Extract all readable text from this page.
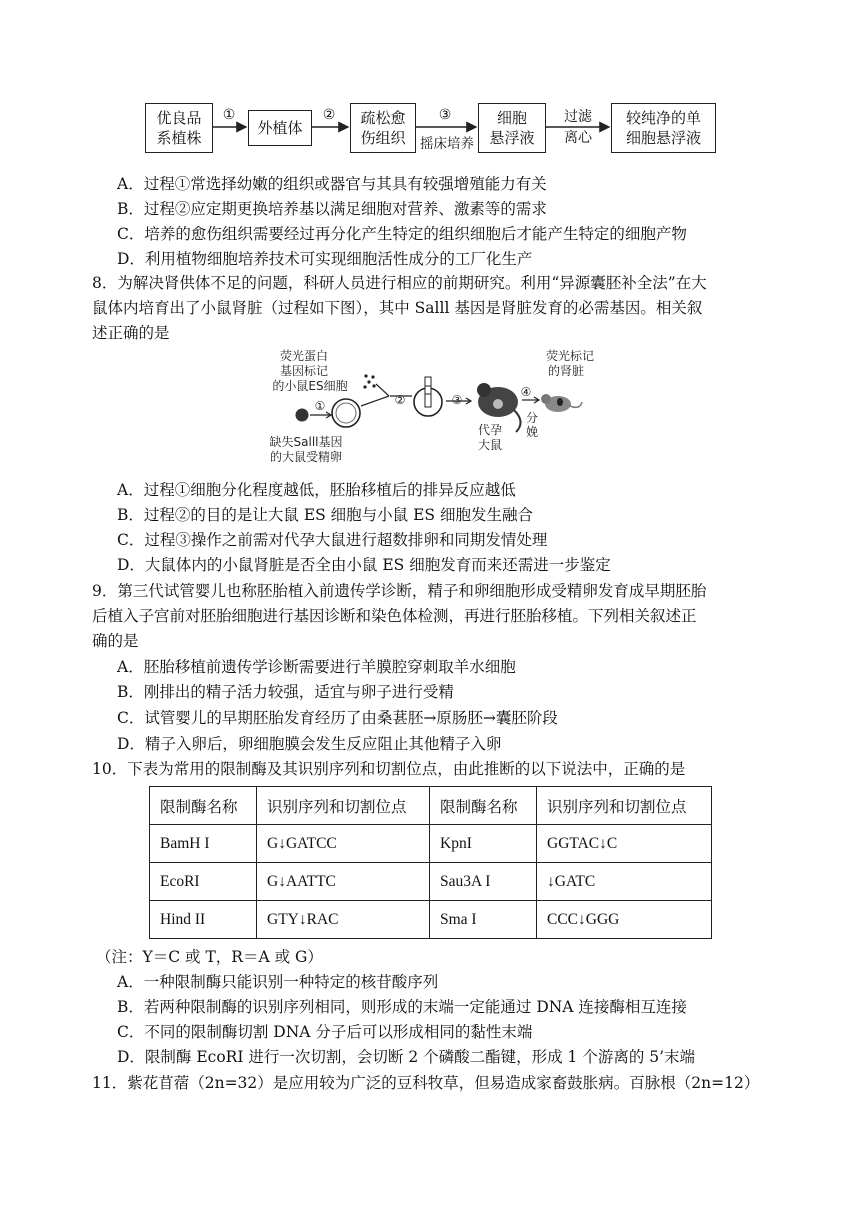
优良品
系植株
外植体
疏松愈
伤组织
细胞
悬浮液
较纯净的单
细胞悬浮液
①	②	③
摇床培养
过滤
离心
A．过程①常选择幼嫩的组织或器官与其具有较强增殖能力有关
B．过程②应定期更换培养基以满足细胞对营养、激素等的需求
C．培养的愈伤组织需要经过再分化产生特定的组织细胞后才能产生特定的细胞产物
D．利用植物细胞培养技术可实现细胞活性成分的工厂化生产
8．为解决肾供体不足的问题，科研人员进行相应的前期研究。利用“异源囊胚补全法”在大
鼠体内培育出了小鼠肾脏（过程如下图），其中 Salll 基因是肾脏发育的必需基因。相关叙
述正确的是
荧光蛋白
基因标记
的小鼠ES细胞
①	②	③
代孕
大鼠
④
分
娩
荧光标记
的肾脏
缺失Salll基因
的大鼠受精卵
A．过程①细胞分化程度越低，胚胎移植后的排异反应越低
B．过程②的目的是让大鼠 ES 细胞与小鼠 ES 细胞发生融合
C．过程③操作之前需对代孕大鼠进行超数排卵和同期发情处理
D．大鼠体内的小鼠肾脏是否全由小鼠 ES 细胞发育而来还需进一步鉴定
9．第三代试管婴儿也称胚胎植入前遗传学诊断，精子和卵细胞形成受精卵发育成早期胚胎
后植入子宫前对胚胎细胞进行基因诊断和染色体检测，再进行胚胎移植。下列相关叙述正
确的是
A．胚胎移植前遗传学诊断需要进行羊膜腔穿刺取羊水细胞
B．刚排出的精子活力较强，适宜与卵子进行受精
C．试管婴儿的早期胚胎发育经历了由桑葚胚→原肠胚→囊胚阶段
D．精子入卵后，卵细胞膜会发生反应阻止其他精子入卵
10．下表为常用的限制酶及其识别序列和切割位点，由此推断的以下说法中，正确的是
限制酶名称	识别序列和切割位点	限制酶名称	识别序列和切割位点
BamH I	G↓GATCC	KpnI	GGTAC↓C
EcoRI	G↓AATTC	Sau3A I	↓GATC
Hind II	GTY↓RAC	Sma I	CCC↓GGG
（注：Y＝C 或 T，R＝A 或 G）
A．一种限制酶只能识别一种特定的核苷酸序列
B．若两种限制酶的识别序列相同，则形成的末端一定能通过 DNA 连接酶相互连接
C．不同的限制酶切割 DNA 分子后可以形成相同的黏性末端
D．限制酶 EcoRI 进行一次切割，会切断 2 个磷酸二酯键，形成 1 个游离的 5’末端
11．紫花苜蓿（2n=32）是应用较为广泛的豆科牧草，但易造成家畜鼓胀病。百脉根（2n=12）
